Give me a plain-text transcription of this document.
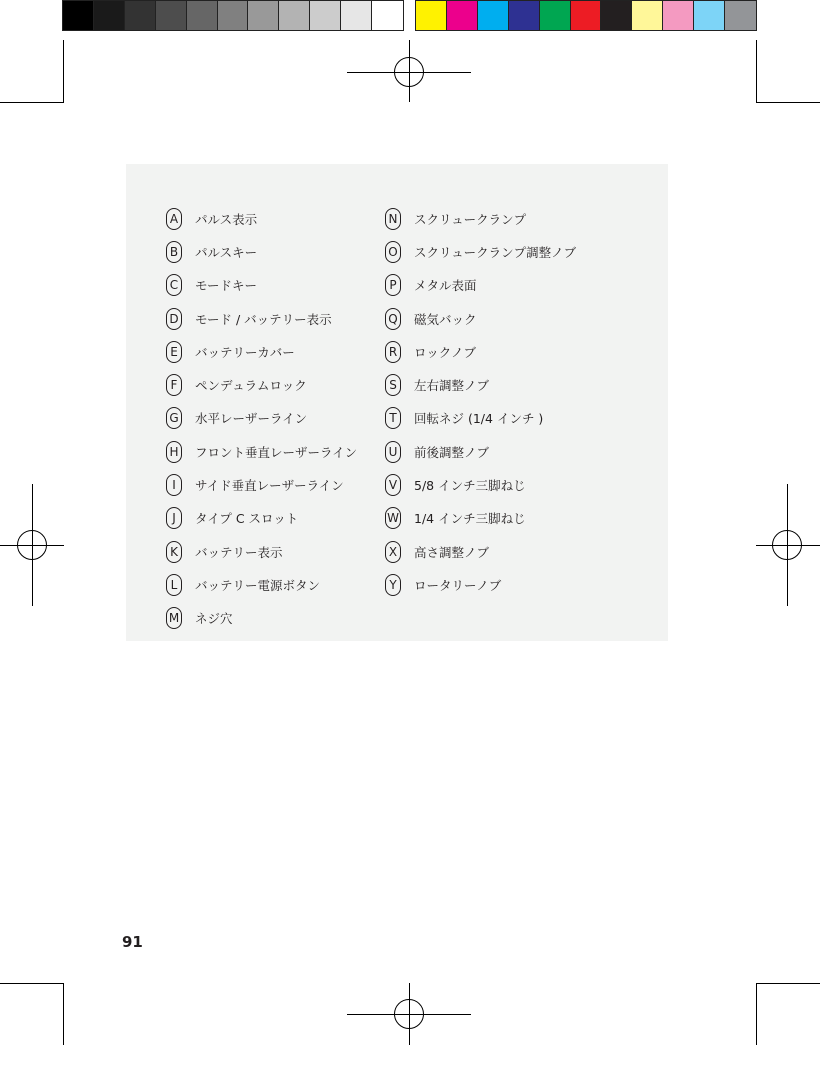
A	パルス表示
B	パルスキー
C	モードキー
D モード / バッテリー表示
E	バッテリーカバー
F	ペンデュラムロック
G 水平レーザーライン
H フロント垂直レーザーライン
I	サイド垂直レーザーライン
J	タイプ C スロット
K	バッテリー表示
L	バッテリー電源ボタン
M ネジ穴
N スクリュークランプ
O スクリュークランプ調整ノブ
P	メタル表面
Q 磁気バック
R	ロックノブ
S	左右調整ノブ
T	回転ネジ (1/4 インチ )
U 前後調整ノブ
V	5/8 インチ三脚ねじ
W 1/4 インチ三脚ねじ
X	高さ調整ノブ
Y	ロータリーノブ
91
